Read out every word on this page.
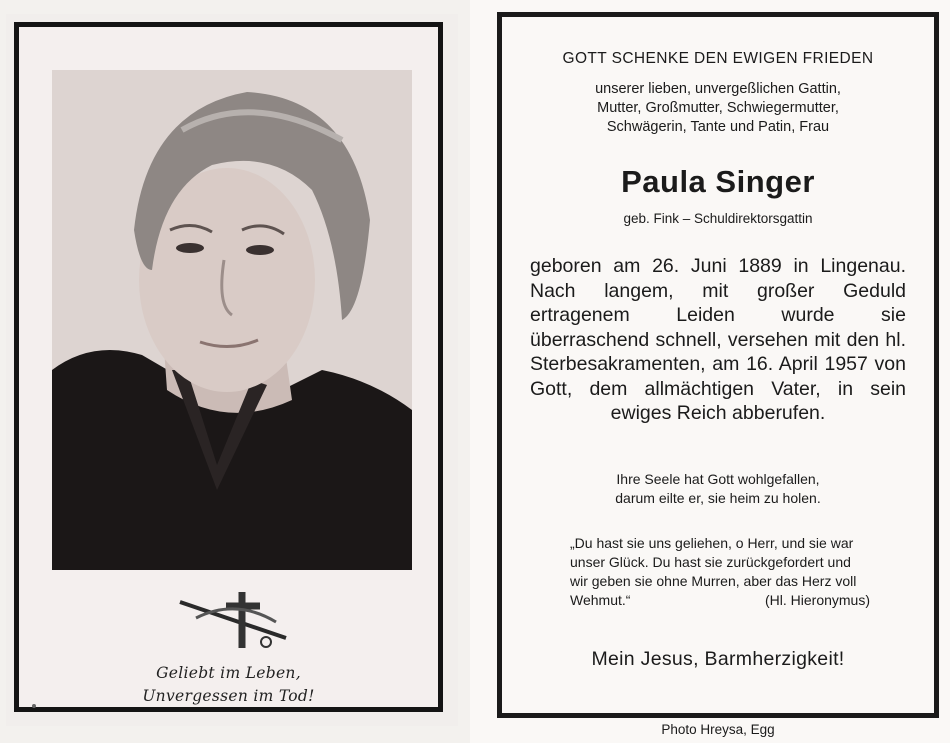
Geliebt im Leben,
Unvergessen im Tod!
GOTT SCHENKE DEN EWIGEN FRIEDEN
unserer lieben, unvergeßlichen Gattin,
Mutter, Großmutter, Schwiegermutter,
Schwägerin, Tante und Patin, Frau
Paula Singer
geb. Fink – Schuldirektorsgattin
geboren am 26. Juni 1889 in Lingenau. Nach langem, mit großer Geduld ertragenem Leiden wurde sie überraschend schnell, versehen mit den hl. Sterbesakramenten, am 16. April 1957 von Gott, dem allmächtigen Vater, in sein ewiges Reich abberufen.
Ihre Seele hat Gott wohlgefallen,
darum eilte er, sie heim zu holen.
„Du hast sie uns geliehen, o Herr, und sie war unser Glück. Du hast sie zurückgefordert und wir geben sie ohne Murren, aber das Herz voll Wehmut.“	(Hl. Hieronymus)
Mein Jesus, Barmherzigkeit!
Photo Hreysa, Egg
